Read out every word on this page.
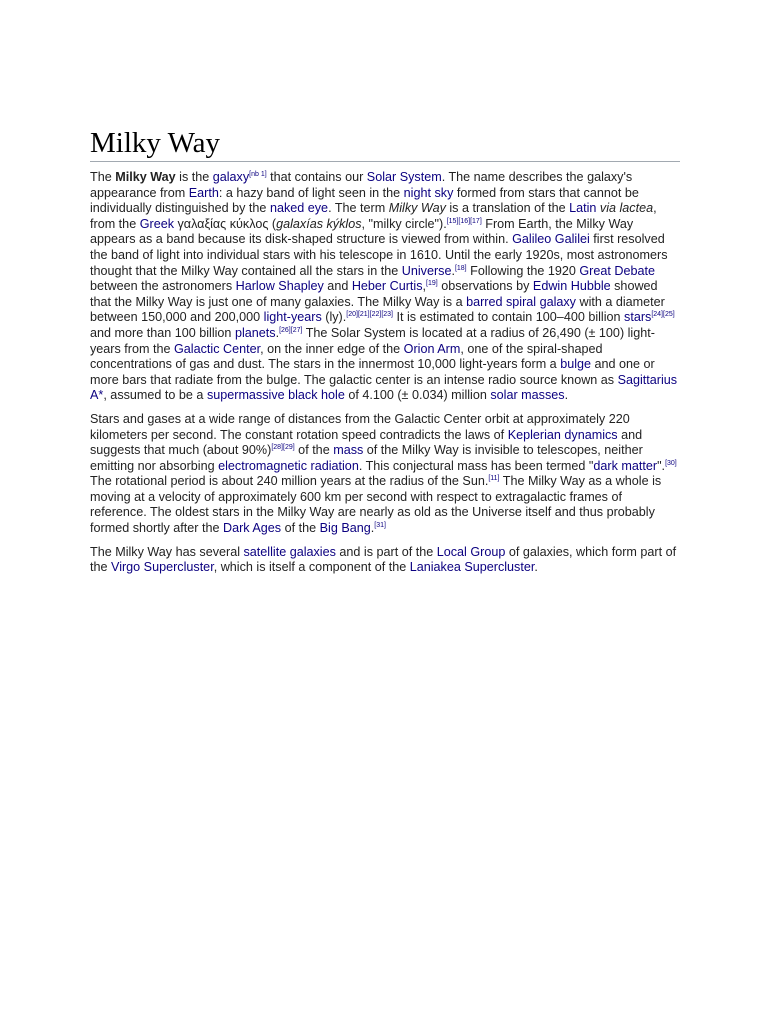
Milky Way

The Milky Way is the galaxy[nb 1] that contains our Solar System. The name describes the galaxy's appearance from Earth: a hazy band of light seen in the night sky formed from stars that cannot be individually distinguished by the naked eye. The term Milky Way is a translation of the Latin via lactea, from the Greek γαλαξίας κύκλος (galaxías kýklos, "milky circle").[15][16][17] From Earth, the Milky Way appears as a band because its disk-shaped structure is viewed from within. Galileo Galilei first resolved the band of light into individual stars with his telescope in 1610. Until the early 1920s, most astronomers thought that the Milky Way contained all the stars in the Universe.[18] Following the 1920 Great Debate between the astronomers Harlow Shapley and Heber Curtis,[19] observations by Edwin Hubble showed that the Milky Way is just one of many galaxies. The Milky Way is a barred spiral galaxy with a diameter between 150,000 and 200,000 light-years (ly).[20][21][22][23] It is estimated to contain 100–400 billion stars[24][25] and more than 100 billion planets.[26][27] The Solar System is located at a radius of 26,490 (± 100) light-years from the Galactic Center, on the inner edge of the Orion Arm, one of the spiral-shaped concentrations of gas and dust. The stars in the innermost 10,000 light-years form a bulge and one or more bars that radiate from the bulge. The galactic center is an intense radio source known as Sagittarius A*, assumed to be a supermassive black hole of 4.100 (± 0.034) million solar masses.

Stars and gases at a wide range of distances from the Galactic Center orbit at approximately 220 kilometers per second. The constant rotation speed contradicts the laws of Keplerian dynamics and suggests that much (about 90%)[28][29] of the mass of the Milky Way is invisible to telescopes, neither emitting nor absorbing electromagnetic radiation. This conjectural mass has been termed "dark matter".[30] The rotational period is about 240 million years at the radius of the Sun.[11] The Milky Way as a whole is moving at a velocity of approximately 600 km per second with respect to extragalactic frames of reference. The oldest stars in the Milky Way are nearly as old as the Universe itself and thus probably formed shortly after the Dark Ages of the Big Bang.[31]

The Milky Way has several satellite galaxies and is part of the Local Group of galaxies, which form part of the Virgo Supercluster, which is itself a component of the Laniakea Supercluster.
